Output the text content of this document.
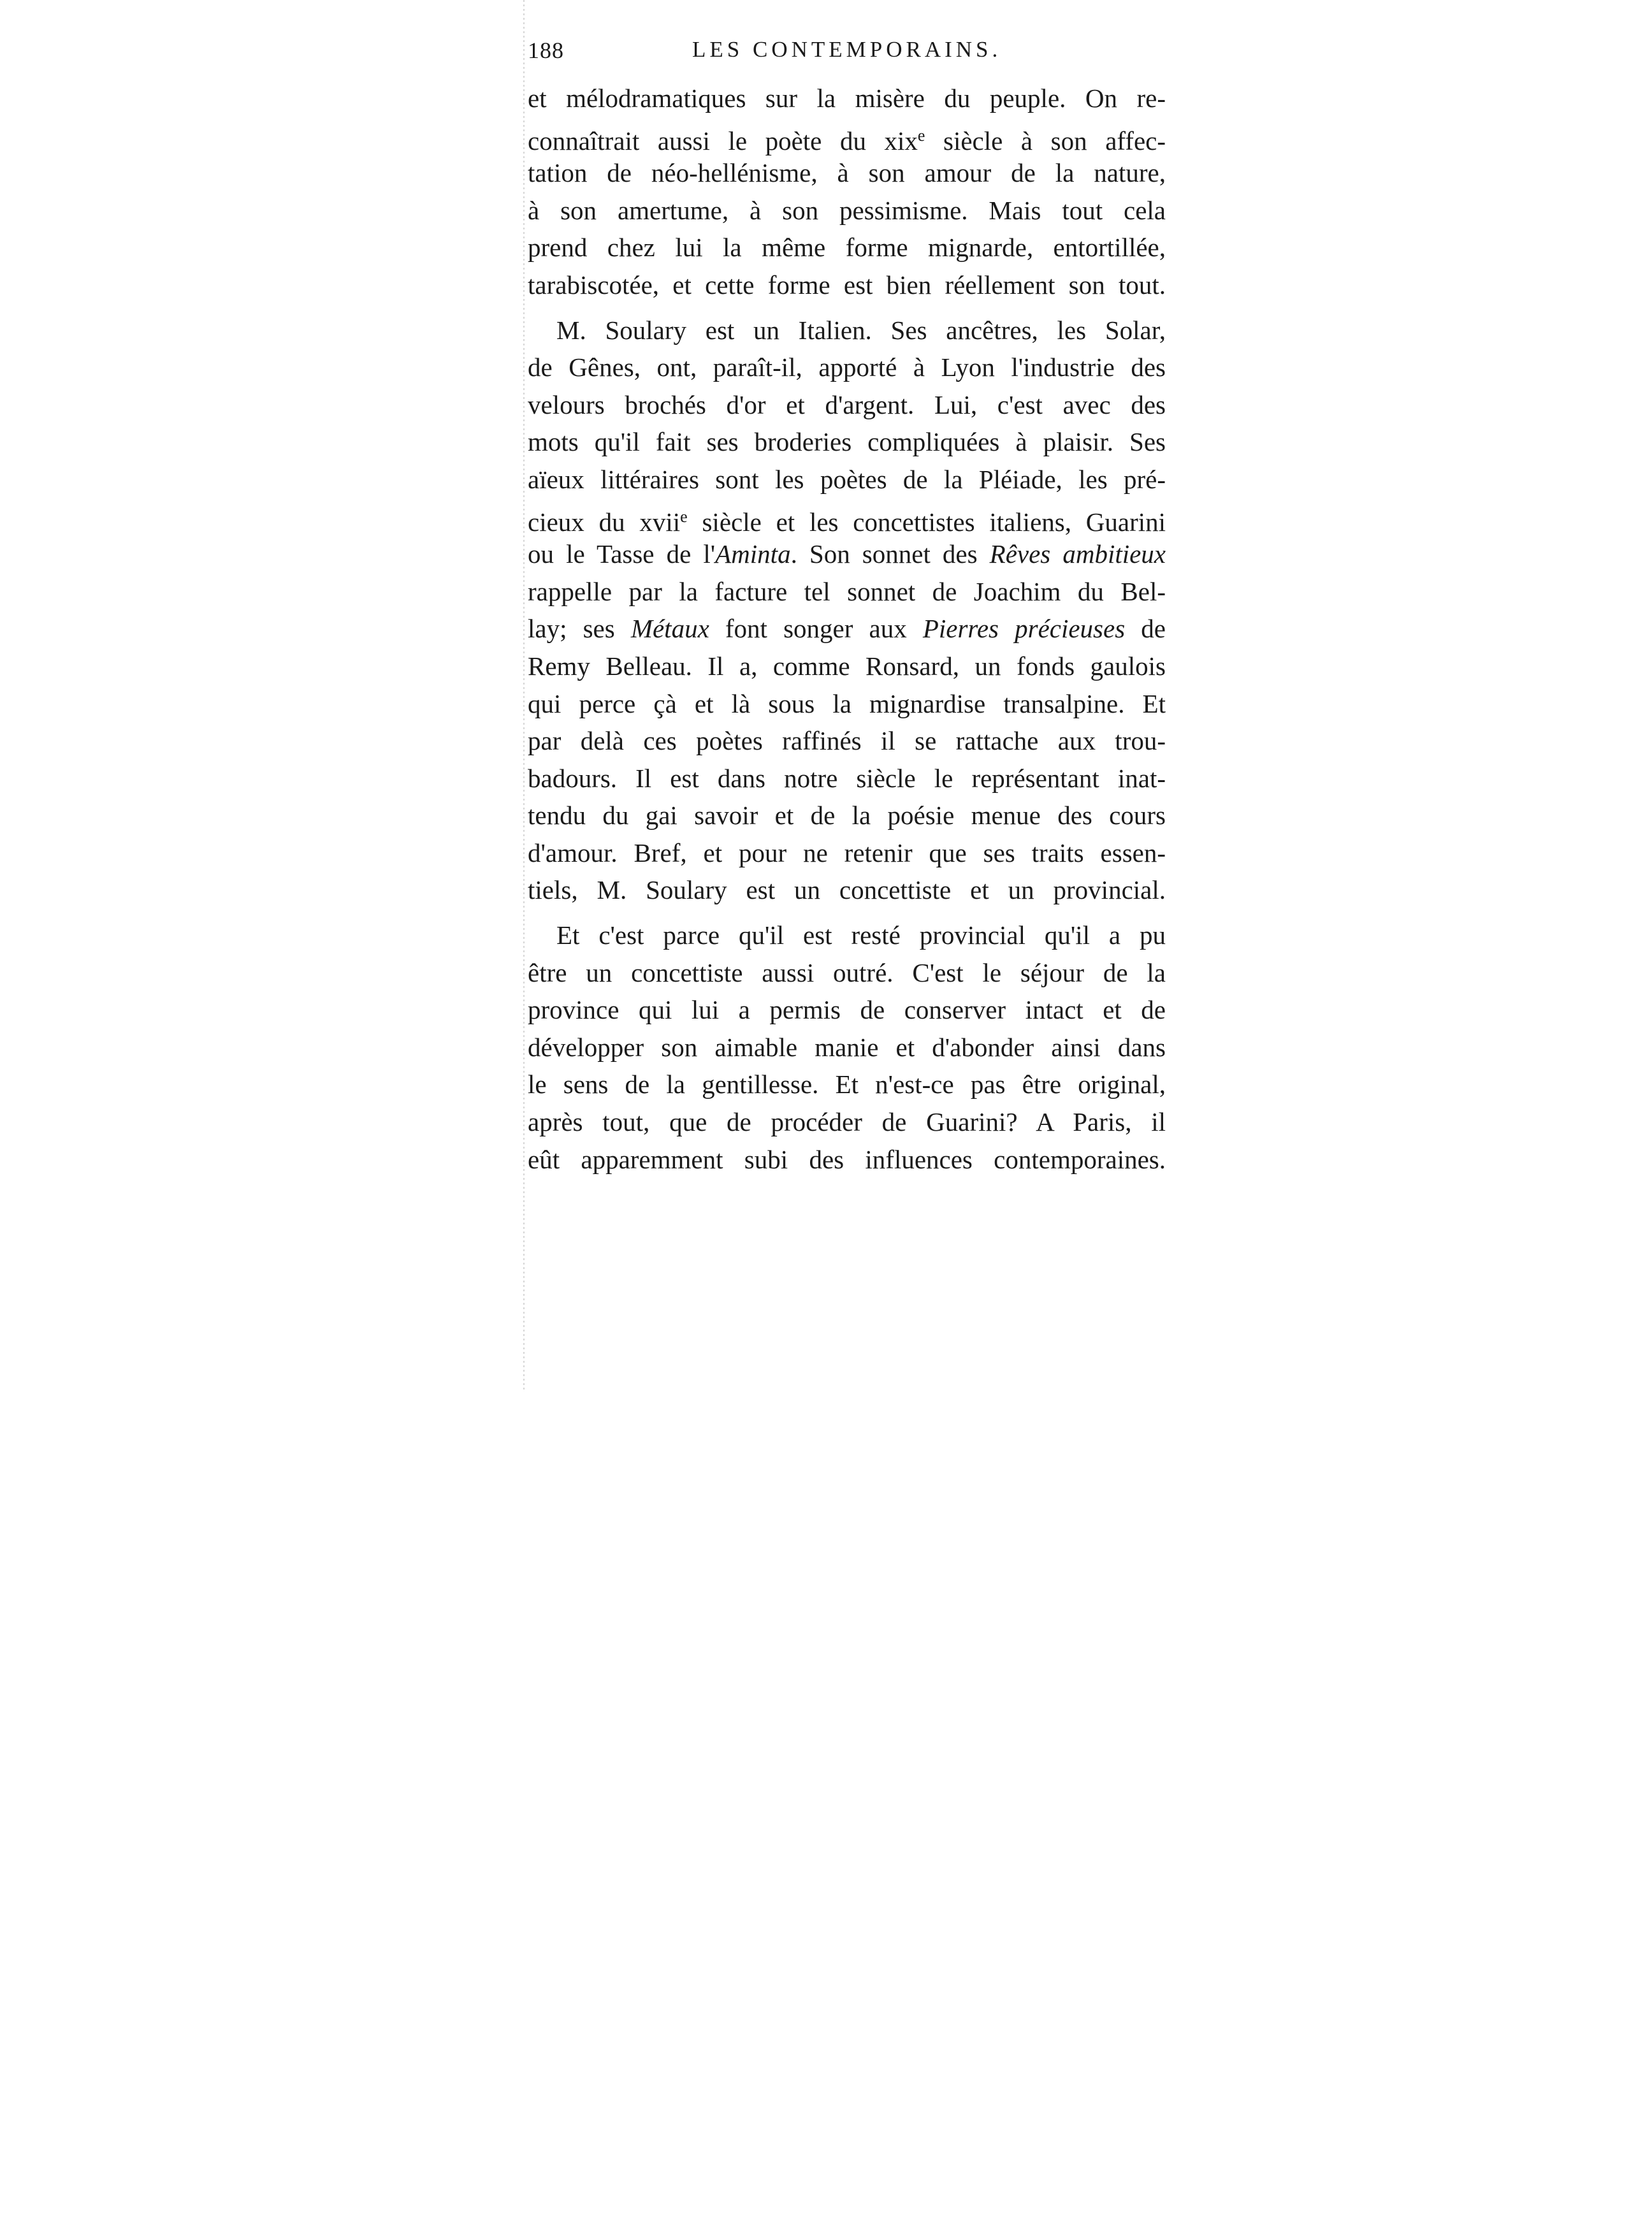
188	LES CONTEMPORAINS.
et mélodramatiques sur la misère du peuple. On re-
connaîtrait aussi le poète du xix$^e$ siècle à son affec-
tation de néo-hellénisme, à son amour de la nature,
à son amertume, à son pessimisme. Mais tout cela
prend chez lui la même forme mignarde, entortillée,
tarabiscotée, et cette forme est bien réellement son tout.
M. Soulary est un Italien. Ses ancêtres, les Solar,
de Gênes, ont, paraît-il, apporté à Lyon l'industrie des
velours brochés d'or et d'argent. Lui, c'est avec des
mots qu'il fait ses broderies compliquées à plaisir. Ses
aïeux littéraires sont les poètes de la Pléiade, les pré-
cieux du xvii$^e$ siècle et les concettistes italiens, Guarini
ou le Tasse de l'Aminta. Son sonnet des Rêves ambitieux
rappelle par la facture tel sonnet de Joachim du Bel-
lay; ses Métaux font songer aux Pierres précieuses de
Remy Belleau. Il a, comme Ronsard, un fonds gaulois
qui perce çà et là sous la mignardise transalpine. Et
par delà ces poètes raffinés il se rattache aux trou-
badours. Il est dans notre siècle le représentant inat-
tendu du gai savoir et de la poésie menue des cours
d'amour. Bref, et pour ne retenir que ses traits essen-
tiels, M. Soulary est un concettiste et un provincial.
Et c'est parce qu'il est resté provincial qu'il a pu
être un concettiste aussi outré. C'est le séjour de la
province qui lui a permis de conserver intact et de
développer son aimable manie et d'abonder ainsi dans
le sens de la gentillesse. Et n'est-ce pas être original,
après tout, que de procéder de Guarini? A Paris, il
eût apparemment subi des influences contemporaines.
